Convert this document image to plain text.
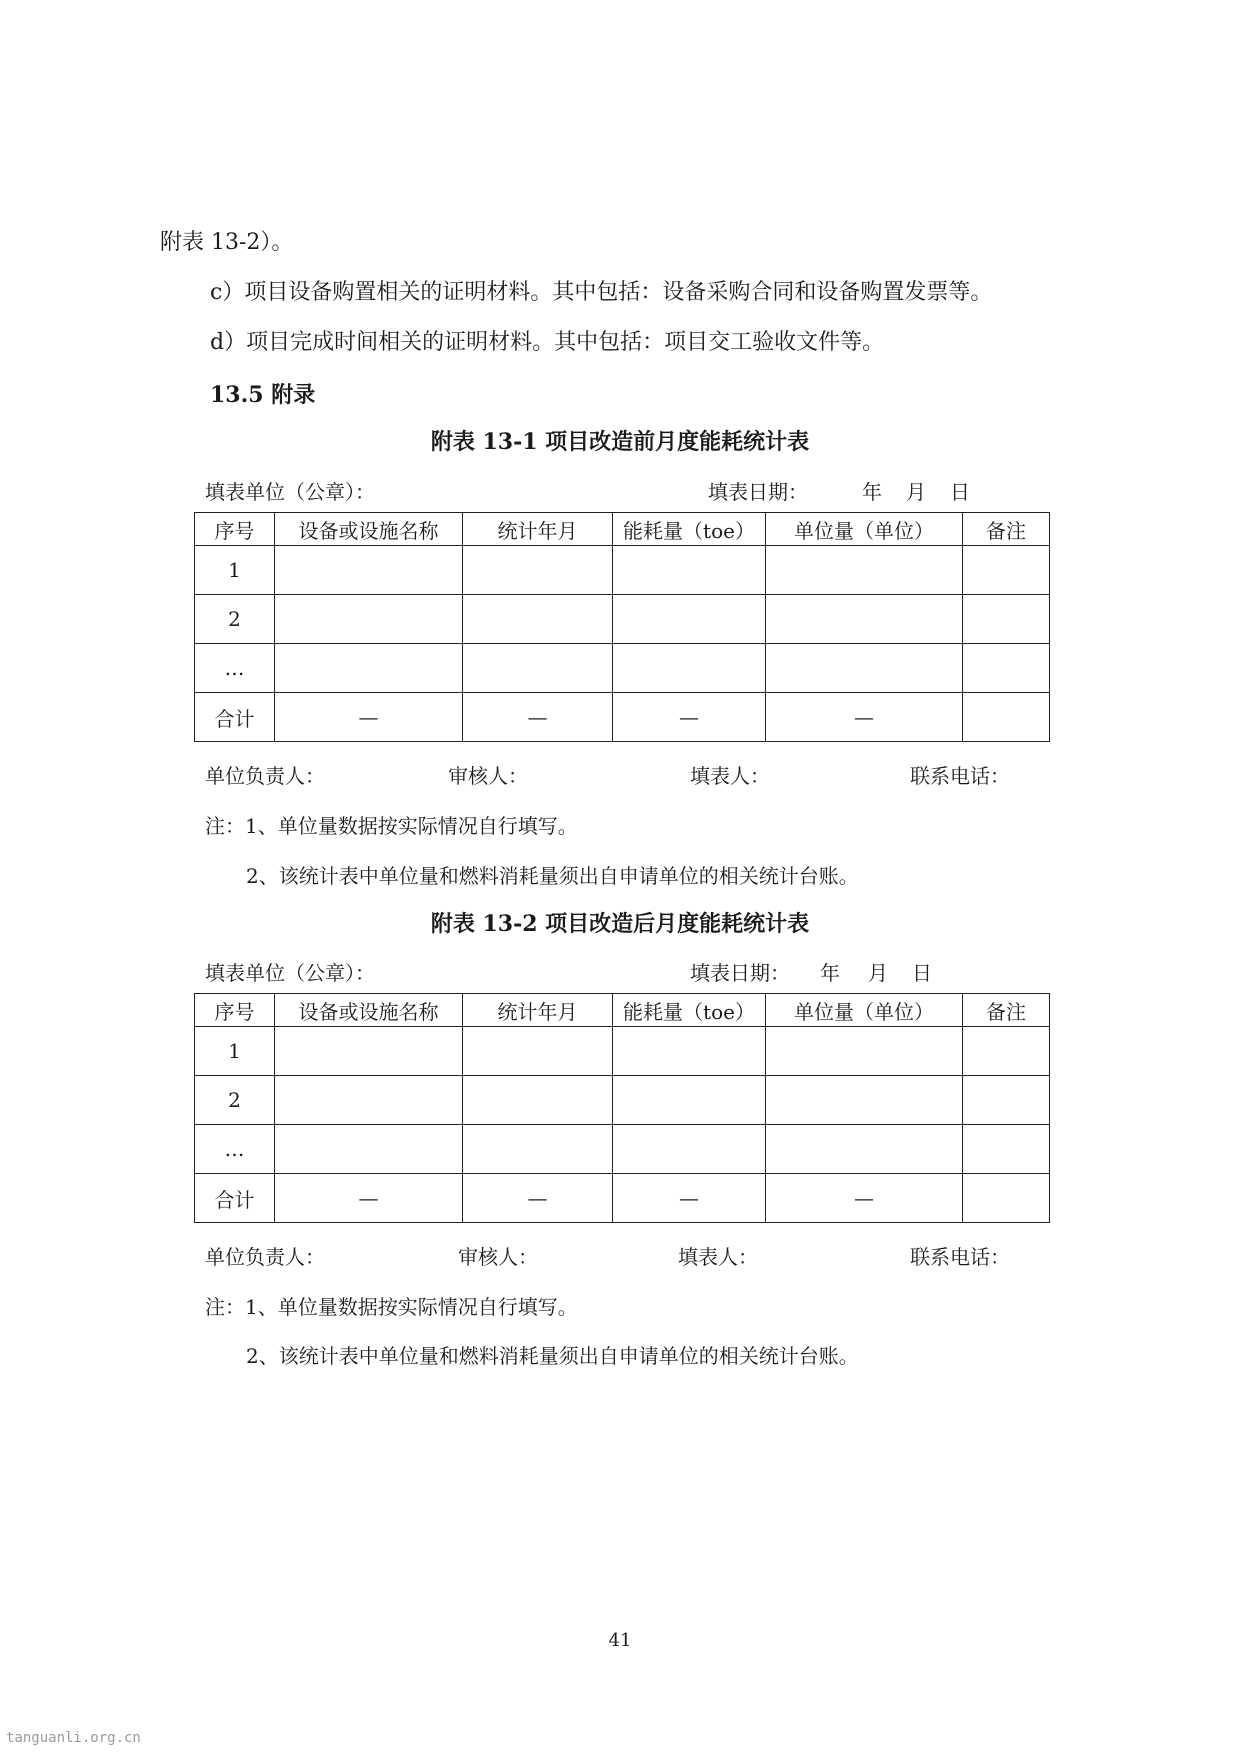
附表 13-2）。
c）项目设备购置相关的证明材料。其中包括：设备采购合同和设备购置发票等。
d）项目完成时间相关的证明材料。其中包括：项目交工验收文件等。
13.5 附录
附表 13-1 项目改造前月度能耗统计表
填表单位（公章）：	填表日期：	年 月 日
序号	设备或设施名称	统计年月	能耗量（toe）	单位量（单位）	备注
1					
2					
…					
合计	—	—	—	—	
单位负责人：	审核人：	填表人：	联系电话：
注：1、单位量数据按实际情况自行填写。
2、该统计表中单位量和燃料消耗量须出自申请单位的相关统计台账。
附表 13-2 项目改造后月度能耗统计表
填表单位（公章）：	填表日期： 年 月 日
序号	设备或设施名称	统计年月	能耗量（toe）	单位量（单位）	备注
1					
2					
…					
合计	—	—	—	—	
单位负责人：	审核人：	填表人：	联系电话：
注：1、单位量数据按实际情况自行填写。
2、该统计表中单位量和燃料消耗量须出自申请单位的相关统计台账。
41
tanguanli.org.cn
